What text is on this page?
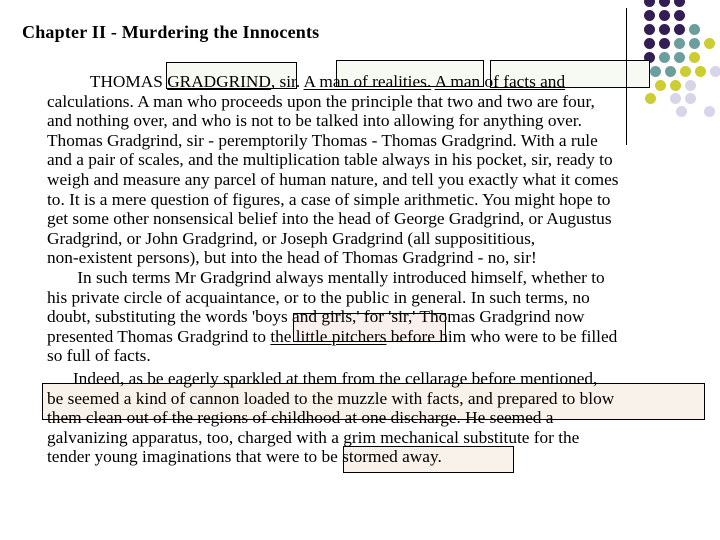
Chapter II - Murdering the Innocents
THOMAS GRADGRIND, sir. A man of realities. A man of facts and
calculations. A man who proceeds upon the principle that two and two are four,
and nothing over, and who is not to be talked into allowing for anything over.
Thomas Gradgrind, sir - peremptorily Thomas - Thomas Gradgrind. With a rule
and a pair of scales, and the multiplication table always in his pocket, sir, ready to
weigh and measure any parcel of human nature, and tell you exactly what it comes
to. It is a mere question of figures, a case of simple arithmetic. You might hope to
get some other nonsensical belief into the head of George Gradgrind, or Augustus
Gradgrind, or John Gradgrind, or Joseph Gradgrind (all supposititious,
non-existent persons), but into the head of Thomas Gradgrind - no, sir!
In such terms Mr Gradgrind always mentally introduced himself, whether to
his private circle of acquaintance, or to the public in general. In such terms, no
doubt, substituting the words 'boys and girls,' for 'sir,' Thomas Gradgrind now
presented Thomas Gradgrind to the little pitchers before him who were to be filled
so full of facts.
Indeed, as be eagerly sparkled at them from the cellarage before mentioned,
be seemed a kind of cannon loaded to the muzzle with facts, and prepared to blow
them clean out of the regions of childhood at one discharge. He seemed a
galvanizing apparatus, too, charged with a grim mechanical substitute for the
tender young imaginations that were to be stormed away.
